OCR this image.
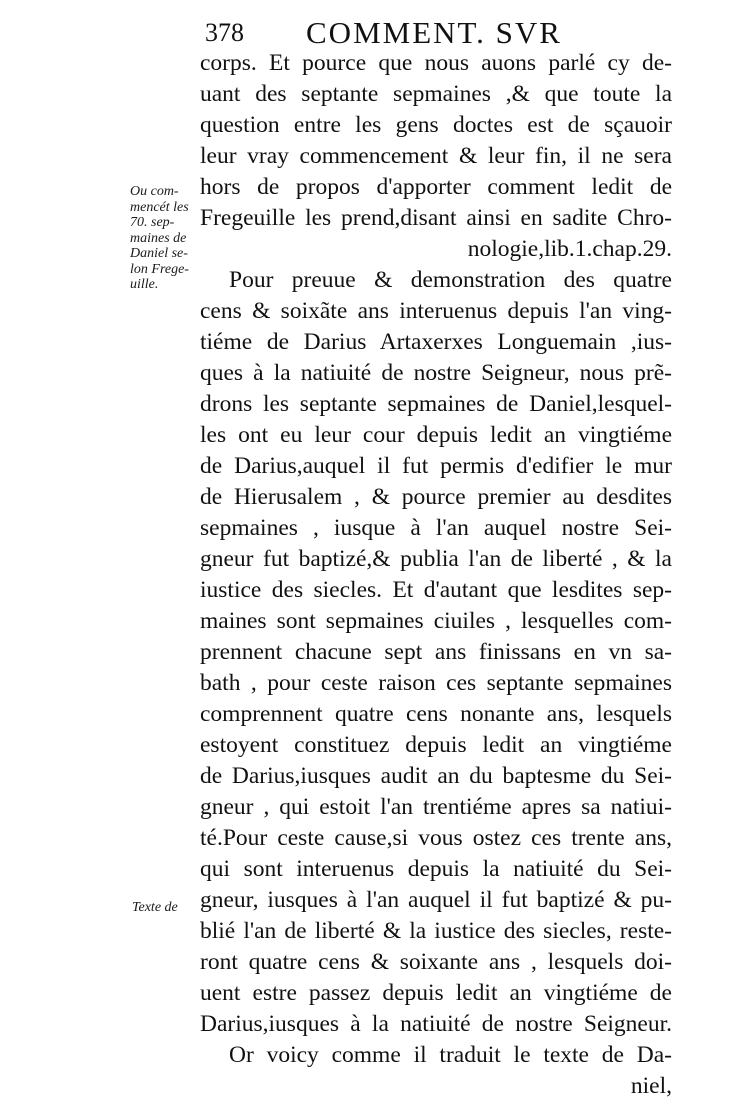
378 COMMENT. SVR
Ou com-
mencét les
70. sep-
maines de
Daniel se-
lon Frege-
uille.
Texte de
corps. Et pource que nous auons parlé cy de-
uant des septante sepmaines ,& que toute la
question entre les gens doctes est de sçauoir
leur vray commencement & leur fin, il ne sera
hors de propos d'apporter comment ledit de
Fregeuille les prend,disant ainsi en sadite Chro-
nologie,lib.1.chap.29.
Pour preuue & demonstration des quatre
cens & soixãte ans interuenus depuis l'an ving-
tiéme de Darius Artaxerxes Longuemain ,ius-
ques à la natiuité de nostre Seigneur, nous prẽ-
drons les septante sepmaines de Daniel,lesquel-
les ont eu leur cour depuis ledit an vingtiéme
de Darius,auquel il fut permis d'edifier le mur
de Hierusalem , & pource premier au desdites
sepmaines , iusque à l'an auquel nostre Sei-
gneur fut baptizé,& publia l'an de liberté , & la
iustice des siecles. Et d'autant que lesdites sep-
maines sont sepmaines ciuiles , lesquelles com-
prennent chacune sept ans finissans en vn sa-
bath , pour ceste raison ces septante sepmaines
comprennent quatre cens nonante ans, lesquels
estoyent constituez depuis ledit an vingtiéme
de Darius,iusques audit an du baptesme du Sei-
gneur , qui estoit l'an trentiéme apres sa natiui-
té.Pour ceste cause,si vous ostez ces trente ans,
qui sont interuenus depuis la natiuité du Sei-
gneur, iusques à l'an auquel il fut baptizé & pu-
blié l'an de liberté & la iustice des siecles, reste-
ront quatre cens & soixante ans , lesquels doi-
uent estre passez depuis ledit an vingtiéme de
Darius,iusques à la natiuité de nostre Seigneur.
Or voicy comme il traduit le texte de Da-
niel,
